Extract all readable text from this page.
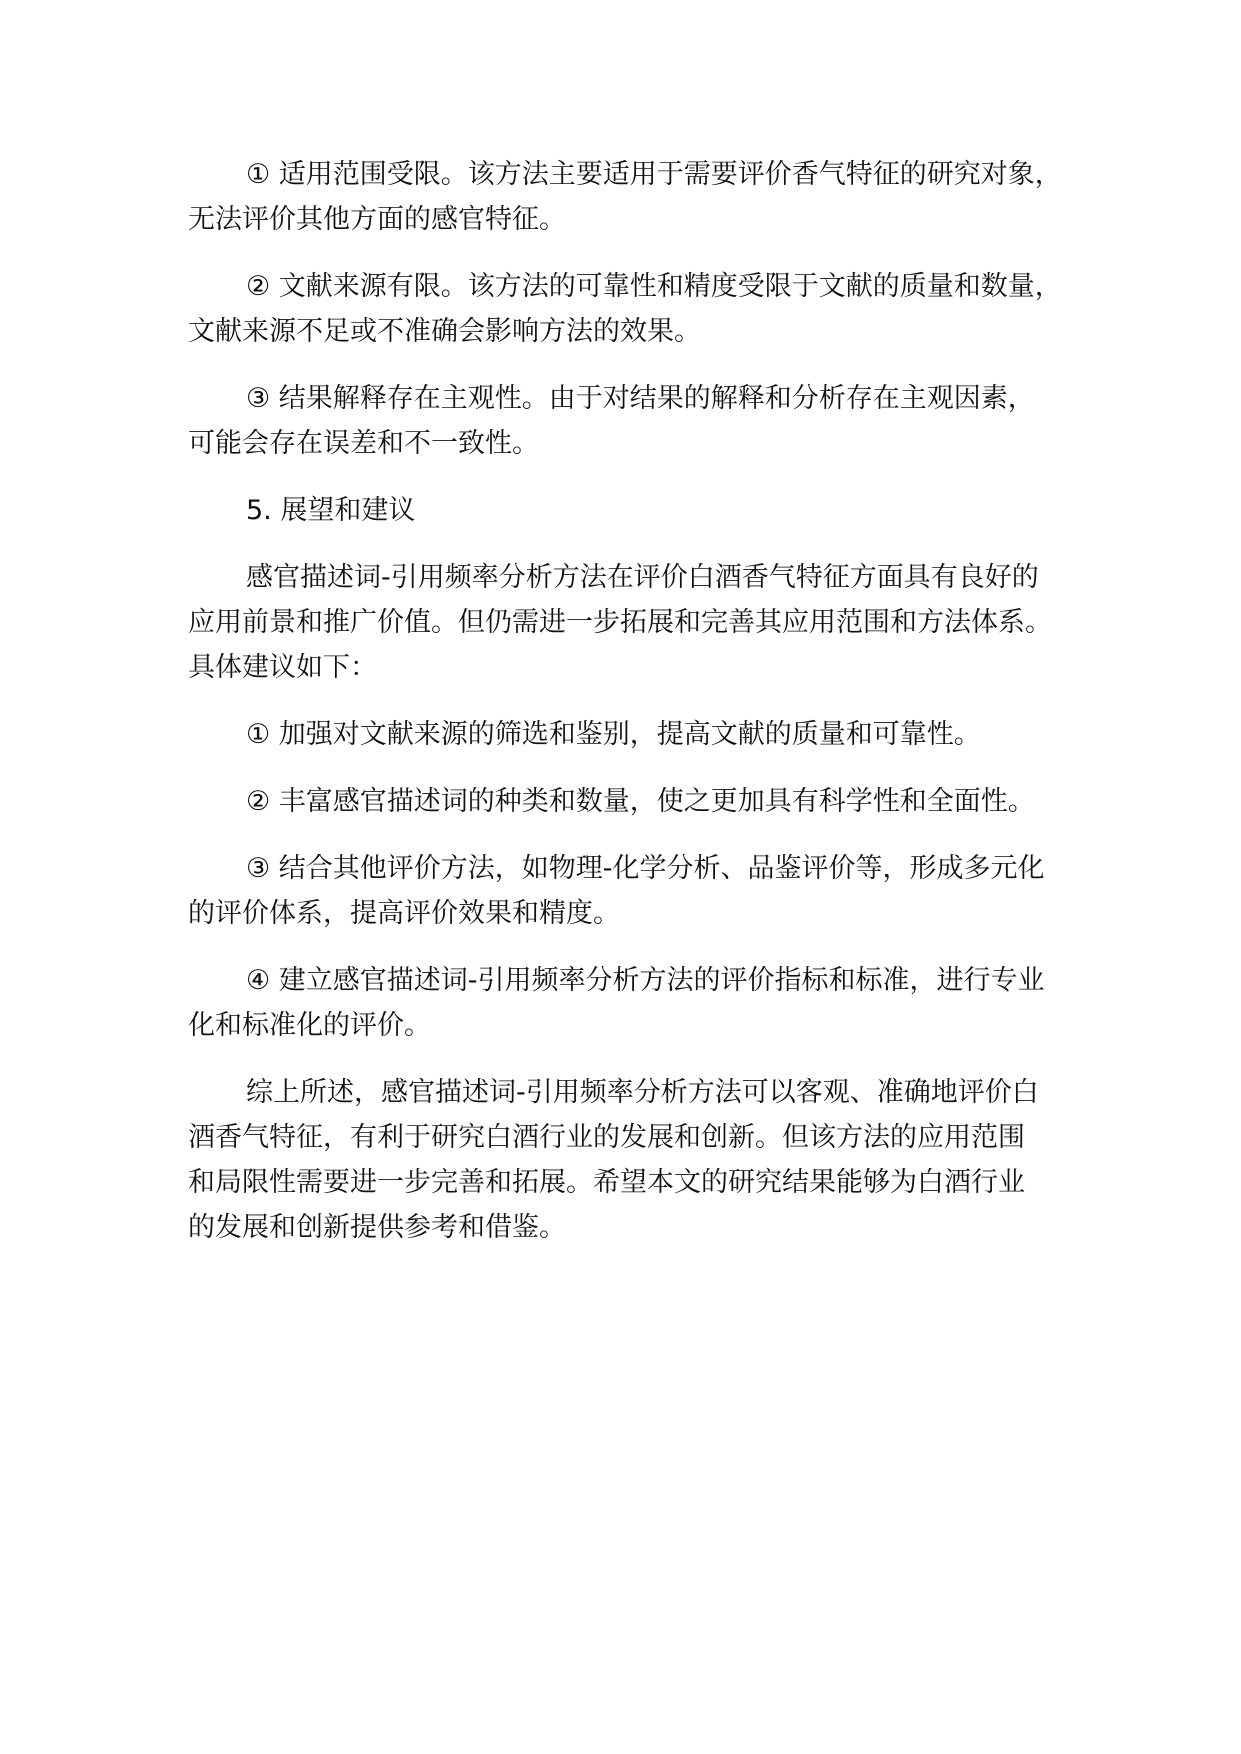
① 适用范围受限。该方法主要适用于需要评价香气特征的研究对象，
无法评价其他方面的感官特征。

② 文献来源有限。该方法的可靠性和精度受限于文献的质量和数量，
文献来源不足或不准确会影响方法的效果。

③ 结果解释存在主观性。由于对结果的解释和分析存在主观因素，
可能会存在误差和不一致性。

5. 展望和建议

感官描述词-引用频率分析方法在评价白酒香气特征方面具有良好的
应用前景和推广价值。但仍需进一步拓展和完善其应用范围和方法体系。
具体建议如下：

① 加强对文献来源的筛选和鉴别，提高文献的质量和可靠性。

② 丰富感官描述词的种类和数量，使之更加具有科学性和全面性。

③ 结合其他评价方法，如物理-化学分析、品鉴评价等，形成多元化
的评价体系，提高评价效果和精度。

④ 建立感官描述词-引用频率分析方法的评价指标和标准，进行专业
化和标准化的评价。

综上所述，感官描述词-引用频率分析方法可以客观、准确地评价白
酒香气特征，有利于研究白酒行业的发展和创新。但该方法的应用范围
和局限性需要进一步完善和拓展。希望本文的研究结果能够为白酒行业
的发展和创新提供参考和借鉴。
